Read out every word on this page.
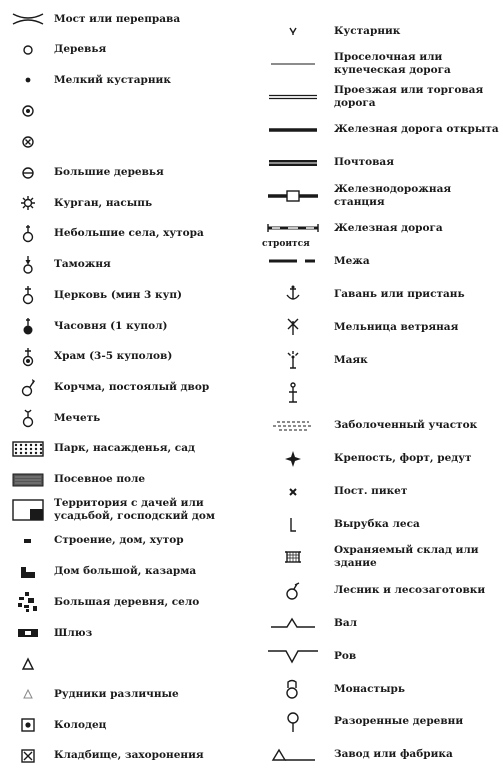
Мост или переправа
Деревья
Мелкий кустарник
Большие деревья
Курган, насыпь
Небольшие села, хутора
Таможня
Церковь (мин 3 куп)
Часовня (1 купол)
Храм (3-5 куполов)
Корчма, постоялый двор
Мечеть
Парк, насажденья, сад
Посевное поле
Территория с дачей или усадьбой, господский дом
Строение, дом, хутор
Дом большой, казарма
Большая деревня, село
Шлюз
Рудники различные
Колодец
Кладбище, захоронения
Кустарник
Проселочная или купеческая дорога
Проезжая или торговая дорога
Железная дорога открыта
Почтовая
Железнодорожная станция
Железная дорога
строится
Межа
Гавань или пристань
Мельница ветряная
Маяк
Заболоченный участок
Крепость, форт, редут
Пост. пикет
Вырубка леса
Охраняемый склад или здание
Лесник и лесозаготовки
Вал
Ров
Монастырь
Разоренные деревни
Завод или фабрика
